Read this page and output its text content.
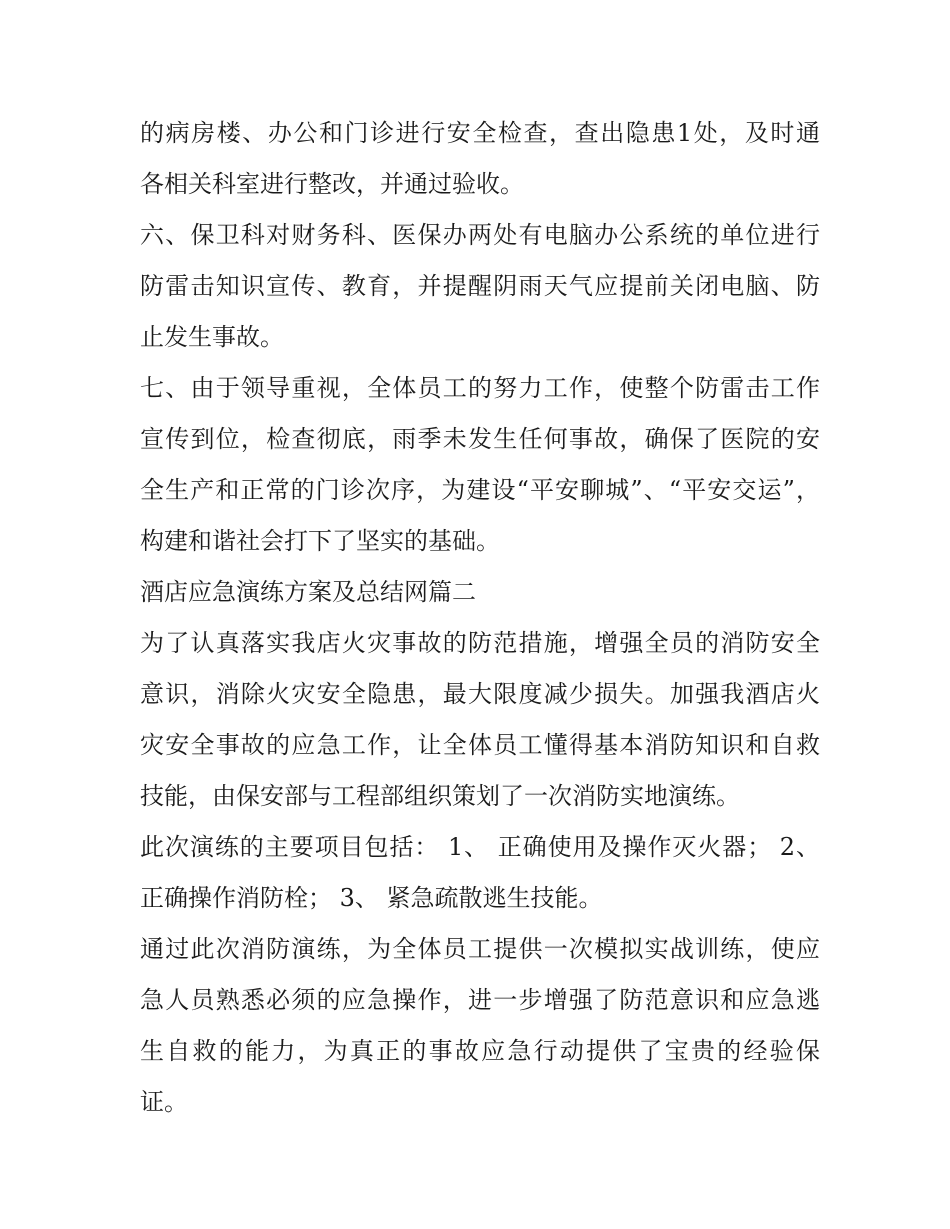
的病房楼、办公和门诊进行安全检查，查出隐患1处，及时通

各相关科室进行整改，并通过验收。

六、保卫科对财务科、医保办两处有电脑办公系统的单位进行

防雷击知识宣传、教育，并提醒阴雨天气应提前关闭电脑、防

止发生事故。

七、由于领导重视，全体员工的努力工作，使整个防雷击工作

宣传到位，检查彻底，雨季未发生任何事故，确保了医院的安

全生产和正常的门诊次序，为建设“平安聊城”、“平安交运”，

构建和谐社会打下了坚实的基础。

酒店应急演练方案及总结网篇二

为了认真落实我店火灾事故的防范措施，增强全员的消防安全

意识，消除火灾安全隐患，最大限度减少损失。加强我酒店火

灾安全事故的应急工作，让全体员工懂得基本消防知识和自救

技能，由保安部与工程部组织策划了一次消防实地演练。

此次演练的主要项目包括： 1、 正确使用及操作灭火器； 2、

正确操作消防栓； 3、 紧急疏散逃生技能。

通过此次消防演练，为全体员工提供一次模拟实战训练，使应

急人员熟悉必须的应急操作，进一步增强了防范意识和应急逃

生自救的能力，为真正的事故应急行动提供了宝贵的经验保

证。
